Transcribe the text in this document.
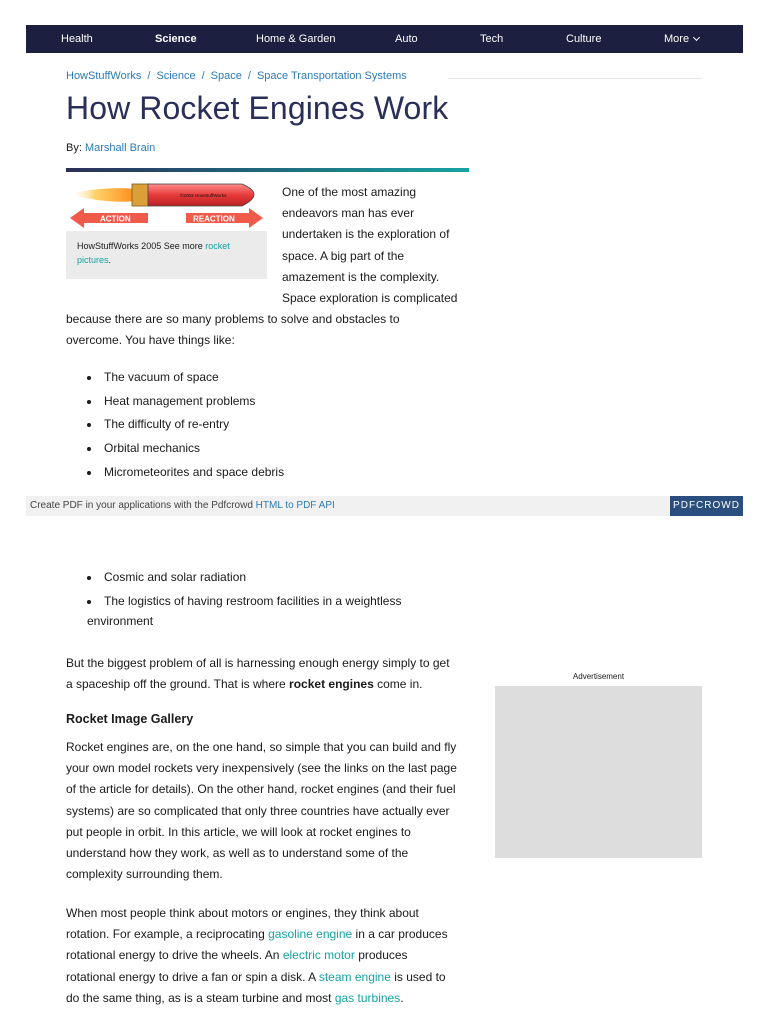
Health	Science	Home & Garden	Auto	Tech	Culture	More
HowStuffWorks / Science / Space / Space Transportation Systems
How Rocket Engines Work
By: Marshall Brain
©2003 HowStuffWorks
ACTION	REACTION
HowStuffWorks 2005 See more rocket pictures.
One of the most amazing
endeavors man has ever
undertaken is the exploration of
space. A big part of the
amazement is the complexity.
Space exploration is complicated
because there are so many problems to solve and obstacles to
overcome. You have things like:
The vacuum of space
Heat management problems
The difficulty of re-entry
Orbital mechanics
Micrometeorites and space debris
Create PDF in your applications with the Pdfcrowd HTML to PDF API	PDFCROWD
Cosmic and solar radiation
The logistics of having restroom facilities in a weightless
environment
But the biggest problem of all is harnessing enough energy simply to get
a spaceship off the ground. That is where rocket engines come in.
Rocket Image Gallery
Rocket engines are, on the one hand, so simple that you can build and fly
your own model rockets very inexpensively (see the links on the last page
of the article for details). On the other hand, rocket engines (and their fuel
systems) are so complicated that only three countries have actually ever
put people in orbit. In this article, we will look at rocket engines to
understand how they work, as well as to understand some of the
complexity surrounding them.
When most people think about motors or engines, they think about
rotation. For example, a reciprocating gasoline engine in a car produces
rotational energy to drive the wheels. An electric motor produces
rotational energy to drive a fan or spin a disk. A steam engine is used to
do the same thing, as is a steam turbine and most gas turbines.
Advertisement
